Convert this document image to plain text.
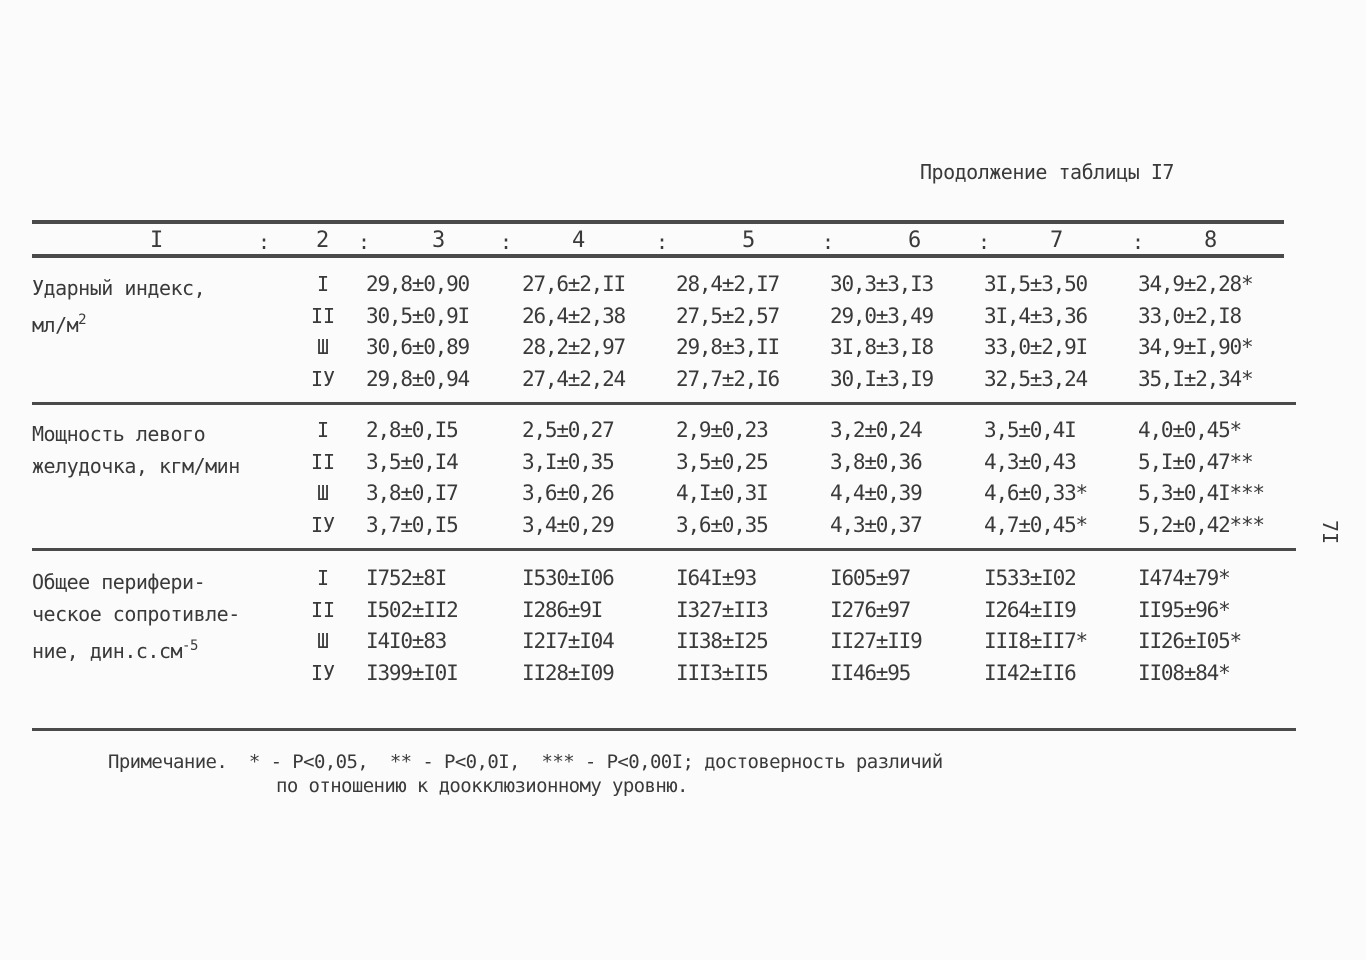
Продолжение таблицы I7
I	: 2 :	3	:	4	:	5	:	6	:	7	:	8
Ударный индекс,
$мл/м^2$
I	29,8±0,90	27,6±2,II 28,4±2,I7 30,3±3,I3 3I,5±3,50 34,9±2,28*
II 30,5±0,9I	26,4±2,38 27,5±2,57 29,0±3,49 3I,4±3,36 33,0±2,I8
Ш	30,6±0,89	28,2±2,97 29,8±3,II 3I,8±3,I8 33,0±2,9I 34,9±I,90*
IУ 29,8±0,94	27,4±2,24 27,7±2,I6 30,I±3,I9 32,5±3,24 35,I±2,34*
Мощность левого
желудочка, кгм/мин
I	2,8±0,I5	2,5±0,27	2,9±0,23	3,2±0,24	3,5±0,4I	4,0±0,45*
II 3,5±0,I4	3,I±0,35	3,5±0,25	3,8±0,36	4,3±0,43	5,I±0,47**
Ш	3,8±0,I7	3,6±0,26	4,I±0,3I	4,4±0,39	4,6±0,33* 5,3±0,4I***
IУ 3,7±0,I5	3,4±0,29	3,6±0,35	4,3±0,37	4,7±0,45* 5,2±0,42***
Общее перифери-
ческое сопротивле-
ние, $дин.с.см^{-5}$
I	I752±8I	I530±I06	I64I±93	I605±97	I533±I02	I474±79*
II I502±II2	I286±9I	I327±II3	I276±97	I264±II9	II95±96*
Ш	I4I0±83	I2I7±I04	II38±I25	II27±II9	III8±II7* II26±I05*
IУ I399±I0I	II28±I09	III3±II5	II46±95	II42±II6	II08±84*
Примечание.  * - P<0,05,  ** - P<0,0I,  *** - P<0,00I; достоверность различий
по отношению к доокклюзионному уровню.
7I
